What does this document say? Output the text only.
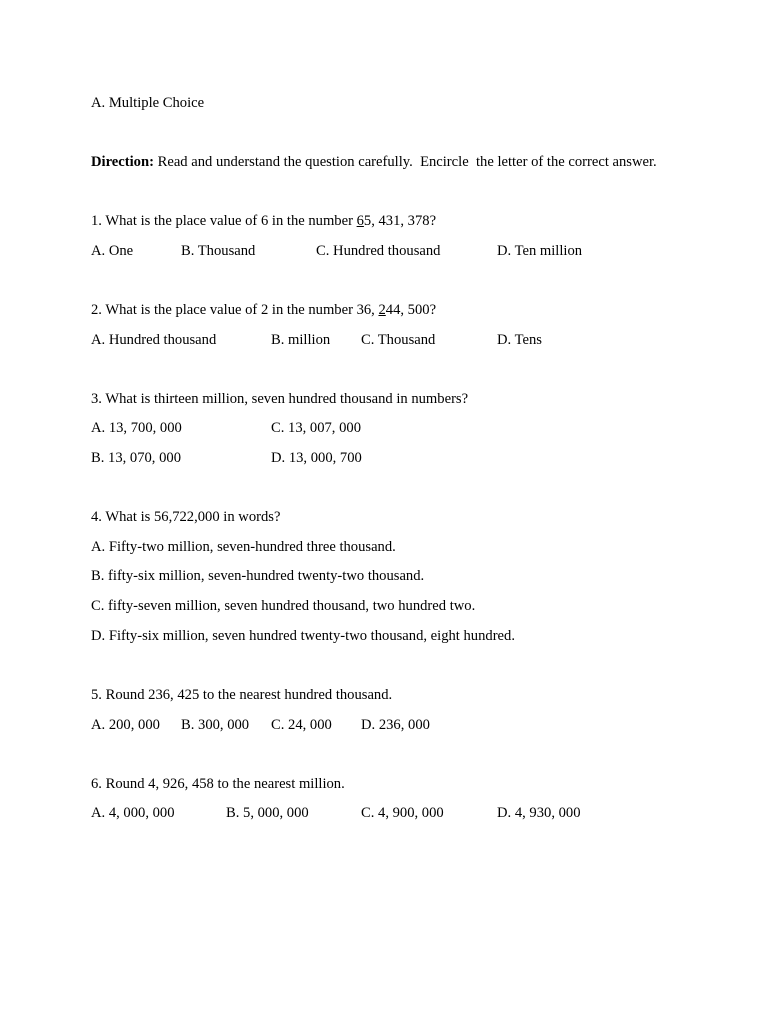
A. Multiple Choice
Direction: Read and understand the question carefully.  Encircle  the letter of the correct answer.
1. What is the place value of 6 in the number 65, 431, 378?
A. One	B. Thousand	C. Hundred thousand	D. Ten million
2. What is the place value of 2 in the number 36, 244, 500?
A. Hundred thousand	B. million C. Thousand	D. Tens
3. What is thirteen million, seven hundred thousand in numbers?
A. 13, 700, 000	C. 13, 007, 000
B. 13, 070, 000	D. 13, 000, 700
4. What is 56,722,000 in words?
A. Fifty-two million, seven-hundred three thousand.
B. fifty-six million, seven-hundred twenty-two thousand.
C. fifty-seven million, seven hundred thousand, two hundred two.
D. Fifty-six million, seven hundred twenty-two thousand, eight hundred.
5. Round 236, 425 to the nearest hundred thousand.
A. 200, 000 B. 300, 000 C. 24, 000 D. 236, 000
6. Round 4, 926, 458 to the nearest million.
A. 4, 000, 000	B. 5, 000, 000	C. 4, 900, 000	D. 4, 930, 000
